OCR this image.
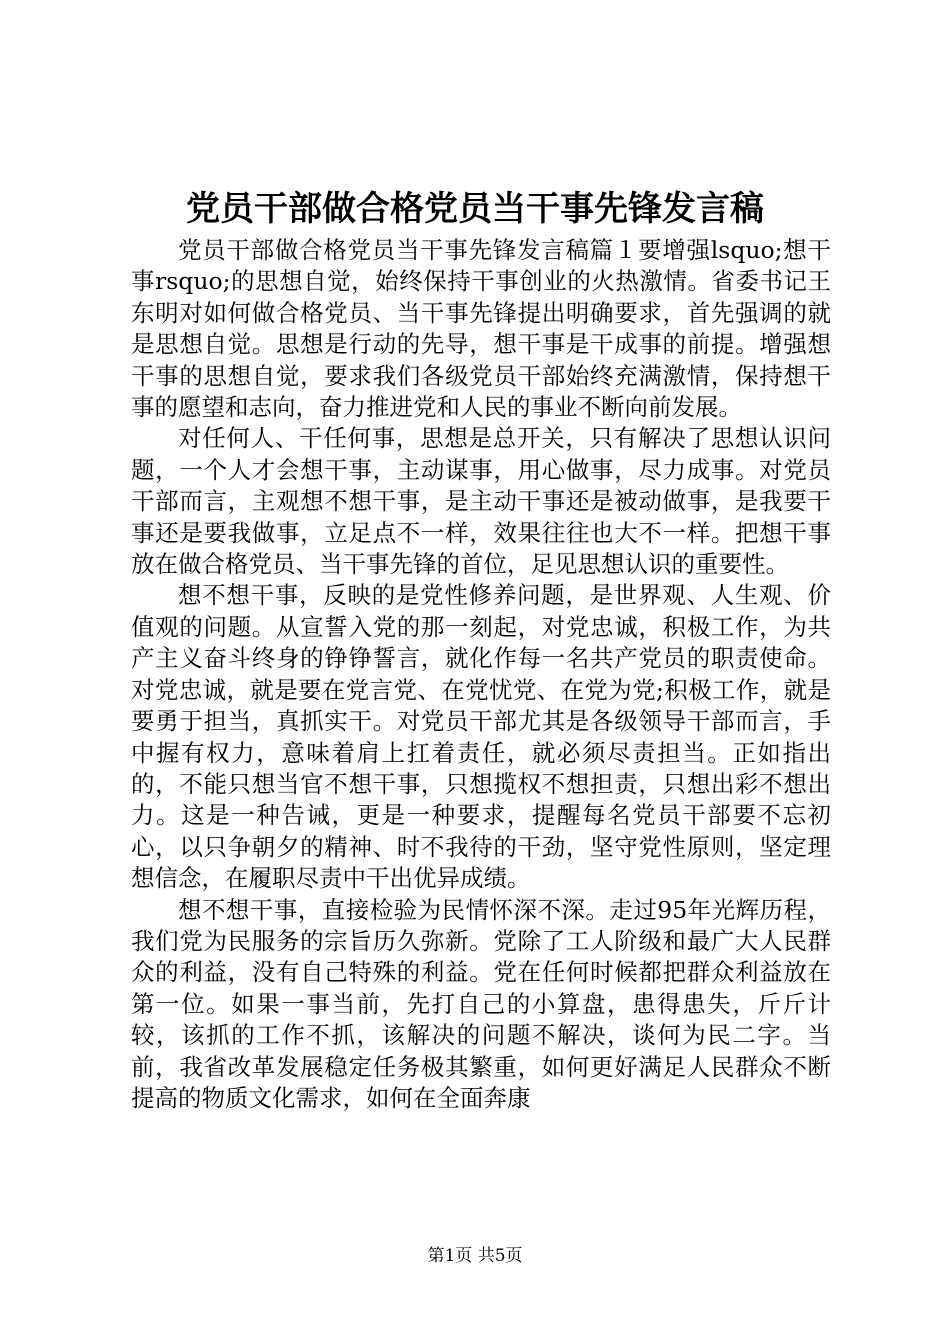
党员干部做合格党员当干事先锋发言稿

党员干部做合格党员当干事先锋发言稿篇１要增强lsquo;想干事rsquo;的思想自觉，始终保持干事创业的火热激情。省委书记王东明对如何做合格党员、当干事先锋提出明确要求，首先强调的就是思想自觉。思想是行动的先导，想干事是干成事的前提。增强想干事的思想自觉，要求我们各级党员干部始终充满激情，保持想干事的愿望和志向，奋力推进党和人民的事业不断向前发展。

对任何人、干任何事，思想是总开关，只有解决了思想认识问题，一个人才会想干事，主动谋事，用心做事，尽力成事。对党员干部而言，主观想不想干事，是主动干事还是被动做事，是我要干事还是要我做事，立足点不一样，效果往往也大不一样。把想干事放在做合格党员、当干事先锋的首位，足见思想认识的重要性。

想不想干事，反映的是党性修养问题，是世界观、人生观、价值观的问题。从宣誓入党的那一刻起，对党忠诚，积极工作，为共产主义奋斗终身的铮铮誓言，就化作每一名共产党员的职责使命。对党忠诚，就是要在党言党、在党忧党、在党为党;积极工作，就是要勇于担当，真抓实干。对党员干部尤其是各级领导干部而言，手中握有权力，意味着肩上扛着责任，就必须尽责担当。正如指出的，不能只想当官不想干事，只想揽权不想担责，只想出彩不想出力。这是一种告诫，更是一种要求，提醒每名党员干部要不忘初心，以只争朝夕的精神、时不我待的干劲，坚守党性原则，坚定理想信念，在履职尽责中干出优异成绩。

想不想干事，直接检验为民情怀深不深。走过95年光辉历程，我们党为民服务的宗旨历久弥新。党除了工人阶级和最广大人民群众的利益，没有自己特殊的利益。党在任何时候都把群众利益放在第一位。如果一事当前，先打自己的小算盘，患得患失，斤斤计较，该抓的工作不抓，该解决的问题不解决，谈何为民二字。当前，我省改革发展稳定任务极其繁重，如何更好满足人民群众不断提高的物质文化需求，如何在全面奔康

第1页 共5页
